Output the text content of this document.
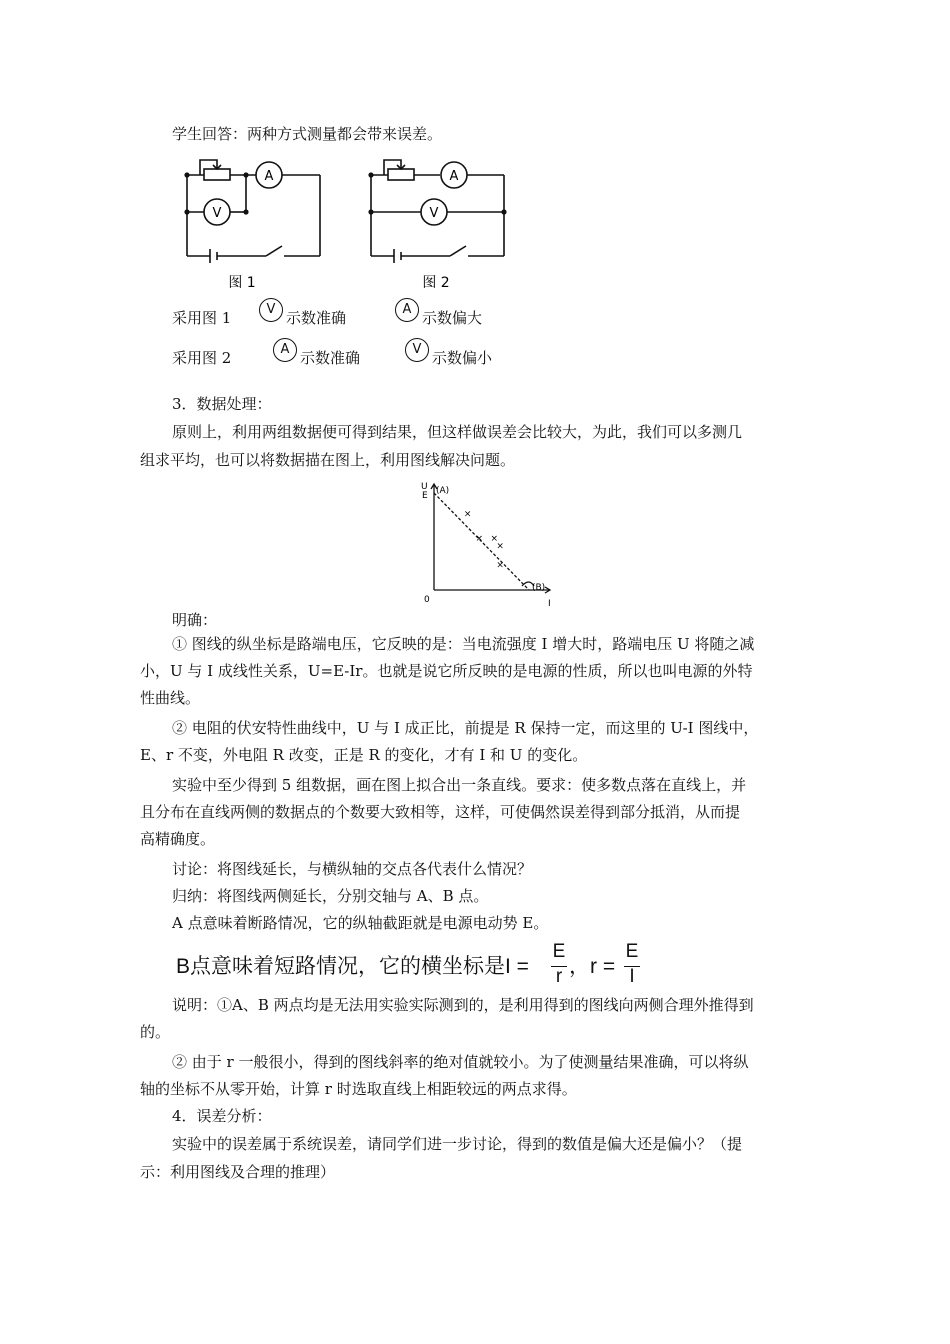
学生回答：两种方式测量都会带来误差。
A
V
图 1
A
V
图 2
采用图 1	V 示数准确	A 示数偏大
采用图 2	A 示数准确	V 示数偏小
3．数据处理：
原则上，利用两组数据便可得到结果，但这样做误差会比较大，为此，我们可以多测几
组求平均，也可以将数据描在图上，利用图线解决问题。
×
× ×
×
×
U
E (A)
0	I
(B)
明确：
① 图线的纵坐标是路端电压，它反映的是：当电流强度 I 增大时，路端电压 U 将随之减
小，U 与 I 成线性关系，U=E-Ir。也就是说它所反映的是电源的性质，所以也叫电源的外特
性曲线。
② 电阻的伏安特性曲线中，U 与 I 成正比，前提是 R 保持一定，而这里的 U-I 图线中，
E、r 不变，外电阻 R 改变，正是 R 的变化，才有 I 和 U 的变化。
实验中至少得到 5 组数据，画在图上拟合出一条直线。要求：使多数点落在直线上，并
且分布在直线两侧的数据点的个数要大致相等，这样，可使偶然误差得到部分抵消，从而提
高精确度。
讨论：将图线延长，与横纵轴的交点各代表什么情况？
归纳：将图线两侧延长，分别交轴与 A、B 点。
A 点意味着断路情况，它的纵轴截距就是电源电动势 E。
B点意味着短路情况，它的横坐标是I =
E
r ，r =
E
I
说明：①A、B 两点均是无法用实验实际测到的，是利用得到的图线向两侧合理外推得到
的。
② 由于 r 一般很小，得到的图线斜率的绝对值就较小。为了使测量结果准确，可以将纵
轴的坐标不从零开始，计算 r 时选取直线上相距较远的两点求得。
4．误差分析：
实验中的误差属于系统误差，请同学们进一步讨论，得到的数值是偏大还是偏小？（提
示：利用图线及合理的推理）
